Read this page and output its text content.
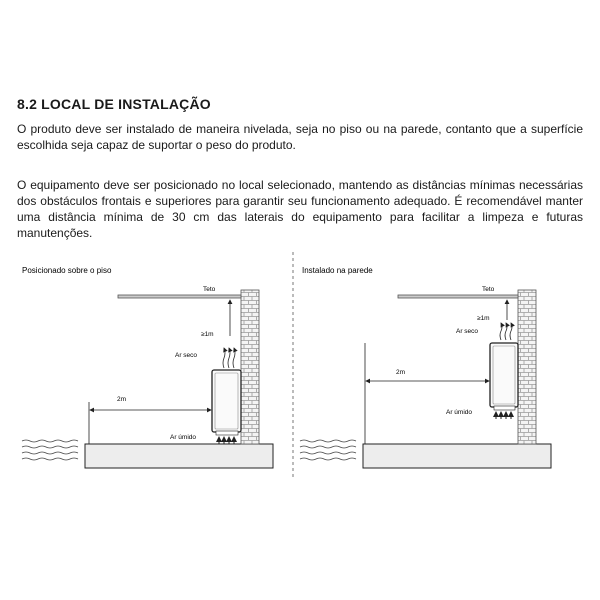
8.2 LOCAL DE INSTALAÇÃO
O produto deve ser instalado de maneira nivelada, seja no piso ou na parede, contanto que a superfície escolhida seja capaz de suportar o peso do produto.
O equipamento deve ser posicionado no local selecionado, mantendo as distâncias mínimas necessárias dos obstáculos frontais e superiores para garantir seu funcionamento adequado. É recomendável manter uma distância mínima de 30 cm das laterais do equipamento para facilitar a limpeza e futuras manutenções.
Posicionado sobre o piso
Teto
≥1m
Ar seco
Ar úmido
2m
Instalado na parede
Teto
≥1m
Ar seco
Ar úmido
2m
